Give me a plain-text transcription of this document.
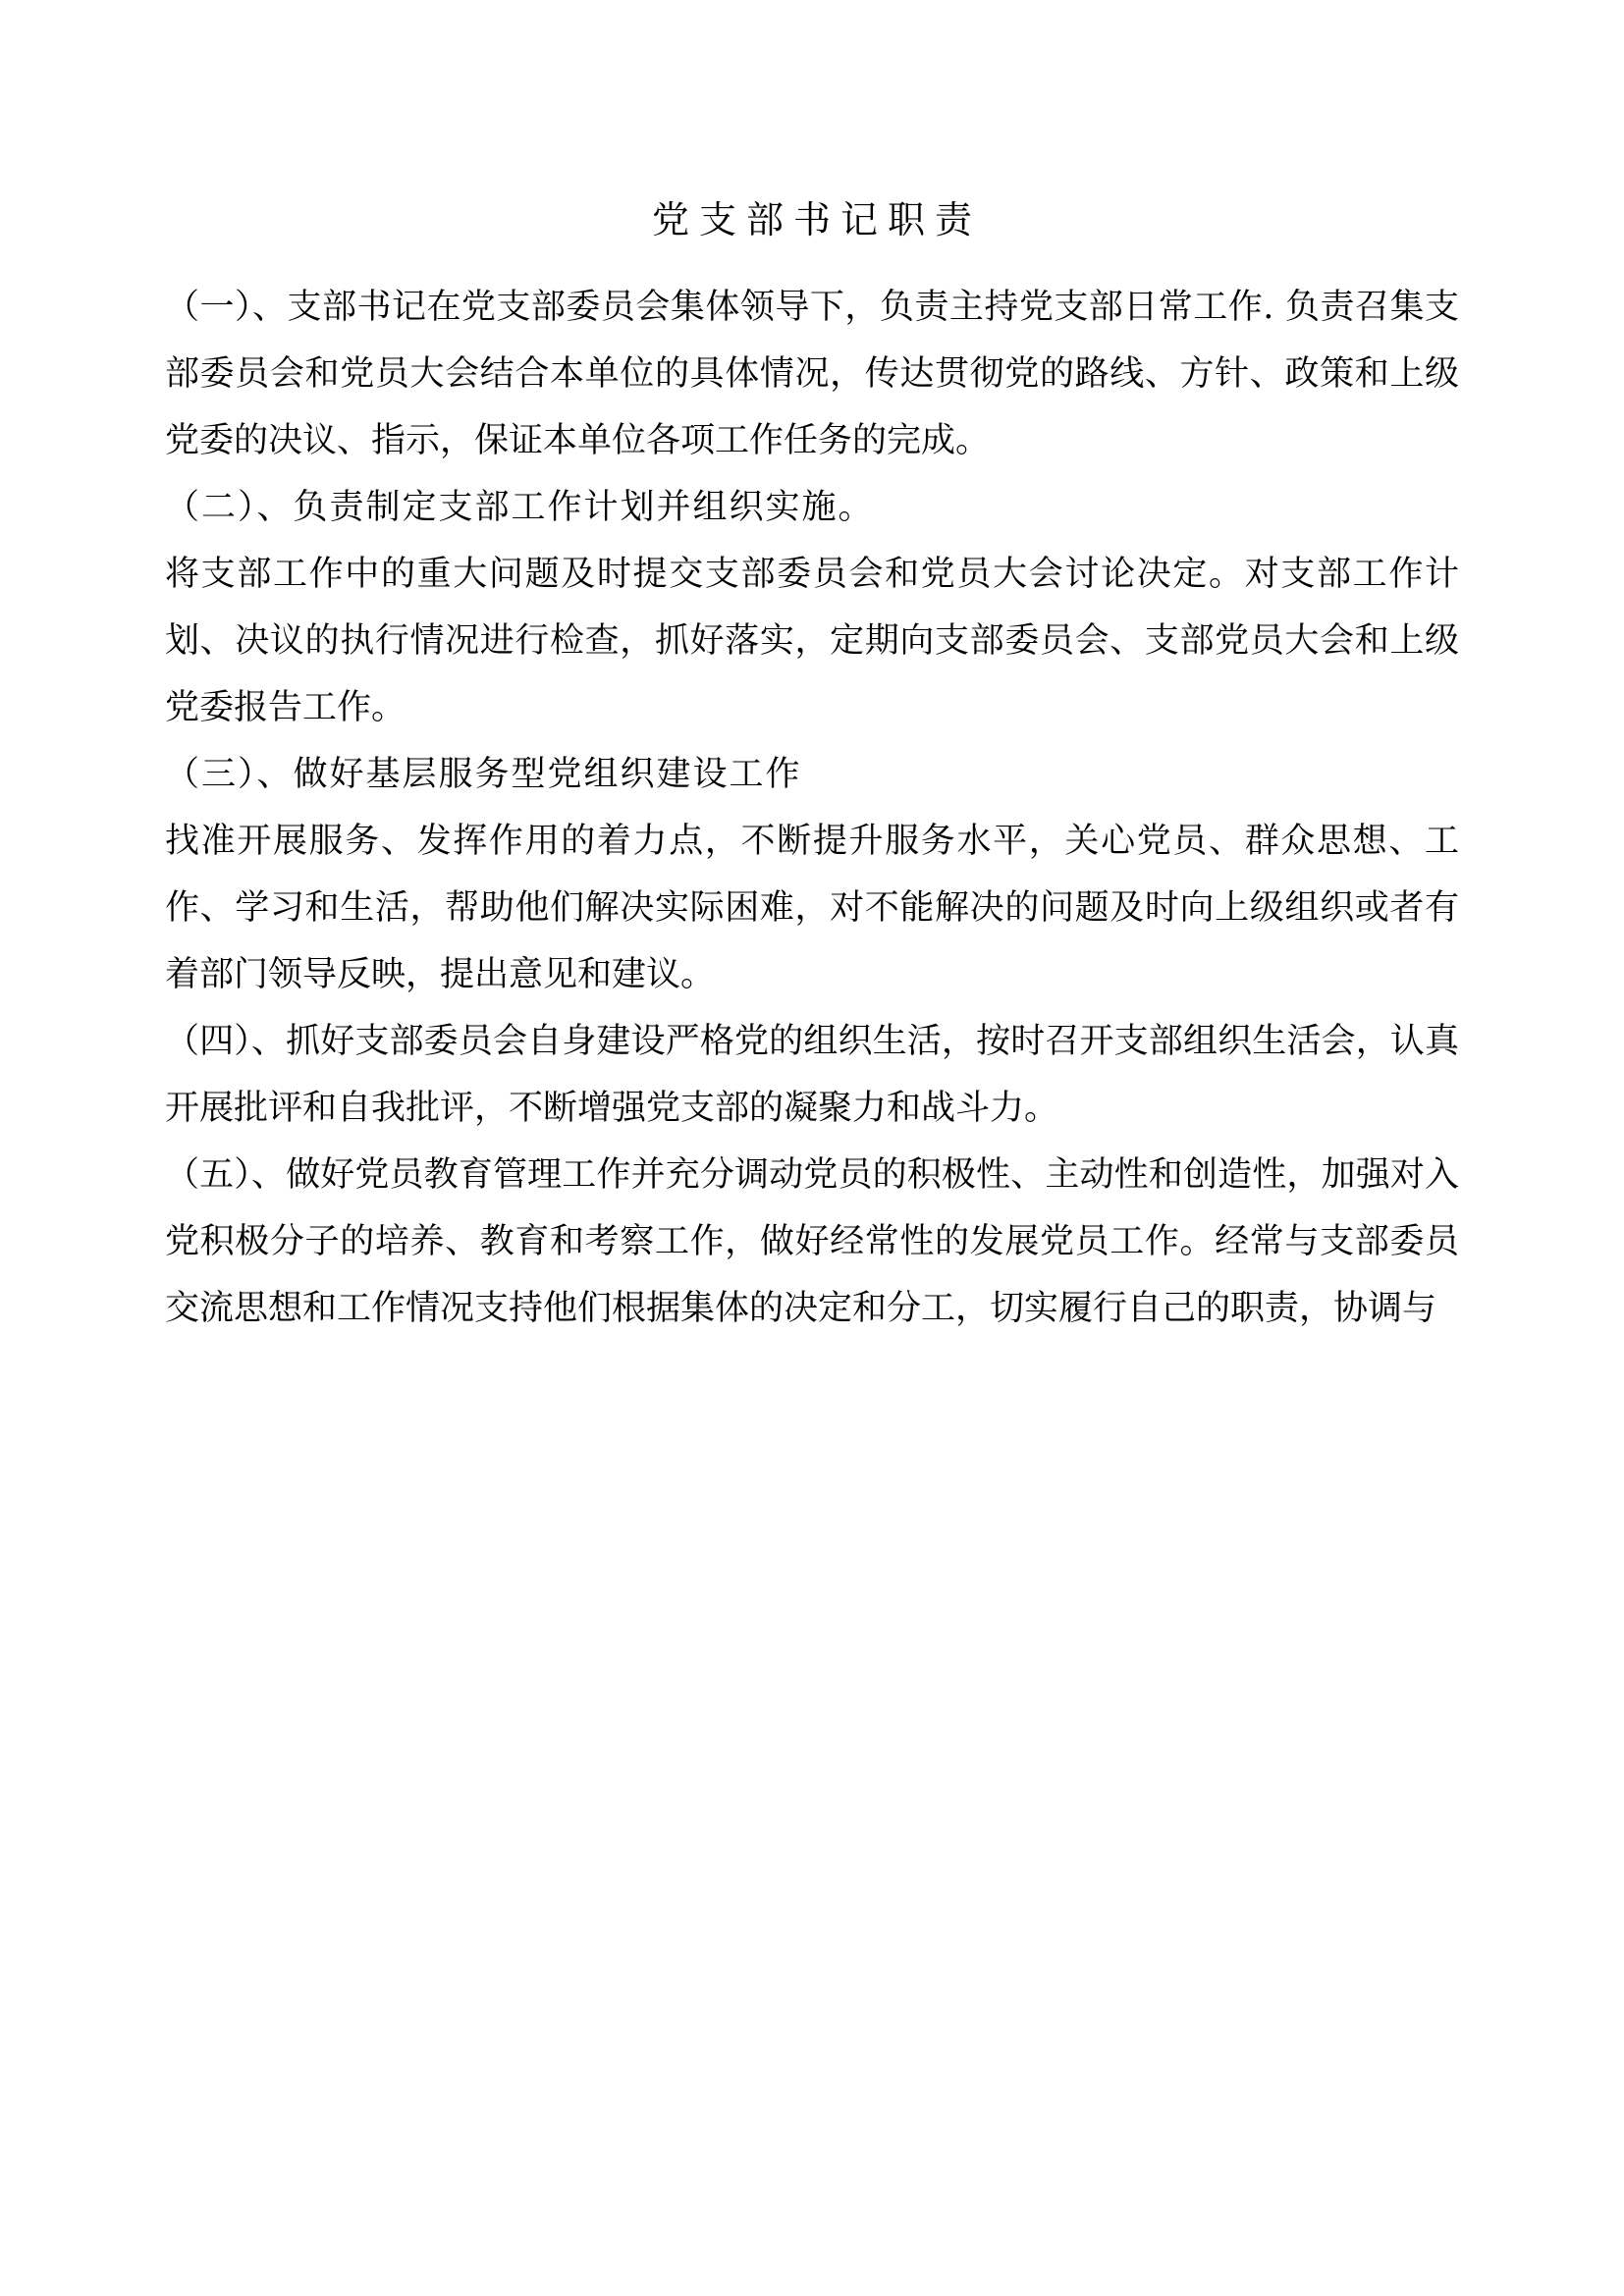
党支部书记职责

（一）、支部书记在党支部委员会集体领导下，负责主持党支部日常工作. 负责召集支部委员会和党员大会结合本单位的具体情况，传达贯彻党的路线、方针、政策和上级党委的决议、指示，保证本单位各项工作任务的完成。

（二）、负责制定支部工作计划并组织实施。

将支部工作中的重大问题及时提交支部委员会和党员大会讨论决定。对支部工作计划、决议的执行情况进行检查，抓好落实，定期向支部委员会、支部党员大会和上级党委报告工作。

（三）、做好基层服务型党组织建设工作

找准开展服务、发挥作用的着力点，不断提升服务水平，关心党员、群众思想、工作、学习和生活，帮助他们解决实际困难，对不能解决的问题及时向上级组织或者有着部门领导反映，提出意见和建议。

（四）、抓好支部委员会自身建设严格党的组织生活，按时召开支部组织生活会，认真开展批评和自我批评，不断增强党支部的凝聚力和战斗力。

（五）、做好党员教育管理工作并充分调动党员的积极性、主动性和创造性，加强对入党积极分子的培养、教育和考察工作，做好经常性的发展党员工作。经常与支部委员交流思想和工作情况支持他们根据集体的决定和分工，切实履行自己的职责，协调与
